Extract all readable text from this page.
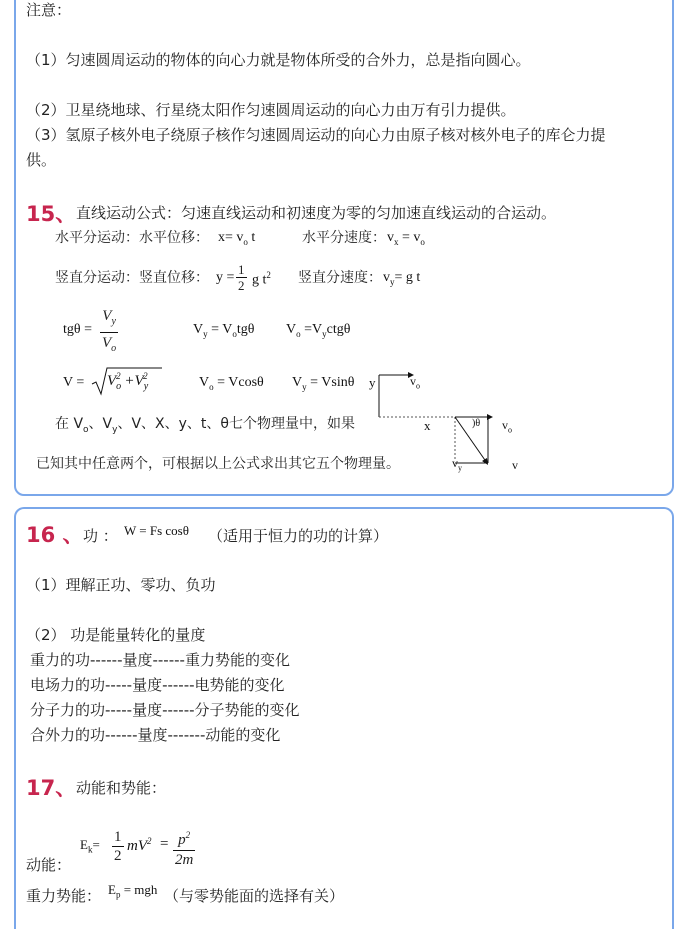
注意：
（1）匀速圆周运动的物体的向心力就是物体所受的合外力，总是指向圆心。
（2）卫星绕地球、行星绕太阳作匀速圆周运动的向心力由万有引力提供。
（3）氢原子核外电子绕原子核作匀速圆周运动的向心力由原子核对核外电子的库仑力提
供。
15、 直线运动公式：匀速直线运动和初速度为零的匀加速直线运动的合运动。
水平分运动：水平位移： $x= v_o$ t	水平分速度： $v_x = v_o$
竖直分运动：竖直位移： $y = \frac{1}{2}$ g $t^2$ 竖直分速度： $v_y= g$ t
$tg\theta = \frac{V_y}{V_o}$	$V_y = V_otg\theta$ $V_o =V_yctg\theta$
$V = V_o^2 +V_y^2$	$V_o = Vcos\theta$ $V_y = Vsin\theta$ y	$v_o$
x	)θ $v_o$
$v_y$	v
在 $V_o$、$V_y$、V、X、y、t、θ七个物理量中，如果
已知其中任意两个，可根据以上公式求出其它五个物理量。
16 、 功 ： W = Fs cosθ （适用于恒力的功的计算）
（1）理解正功、零功、负功
（2） 功是能量转化的量度
重力的功------量度------重力势能的变化
电场力的功-----量度------电势能的变化
分子力的功-----量度------分子势能的变化
合外力的功------量度-------动能的变化
17、 动能和势能：
动能：
$E_k= \frac{1}{2} mV^2 = \frac{p^2}{2m}$
重力势能： $E_p$ = mgh （与零势能面的选择有关）
